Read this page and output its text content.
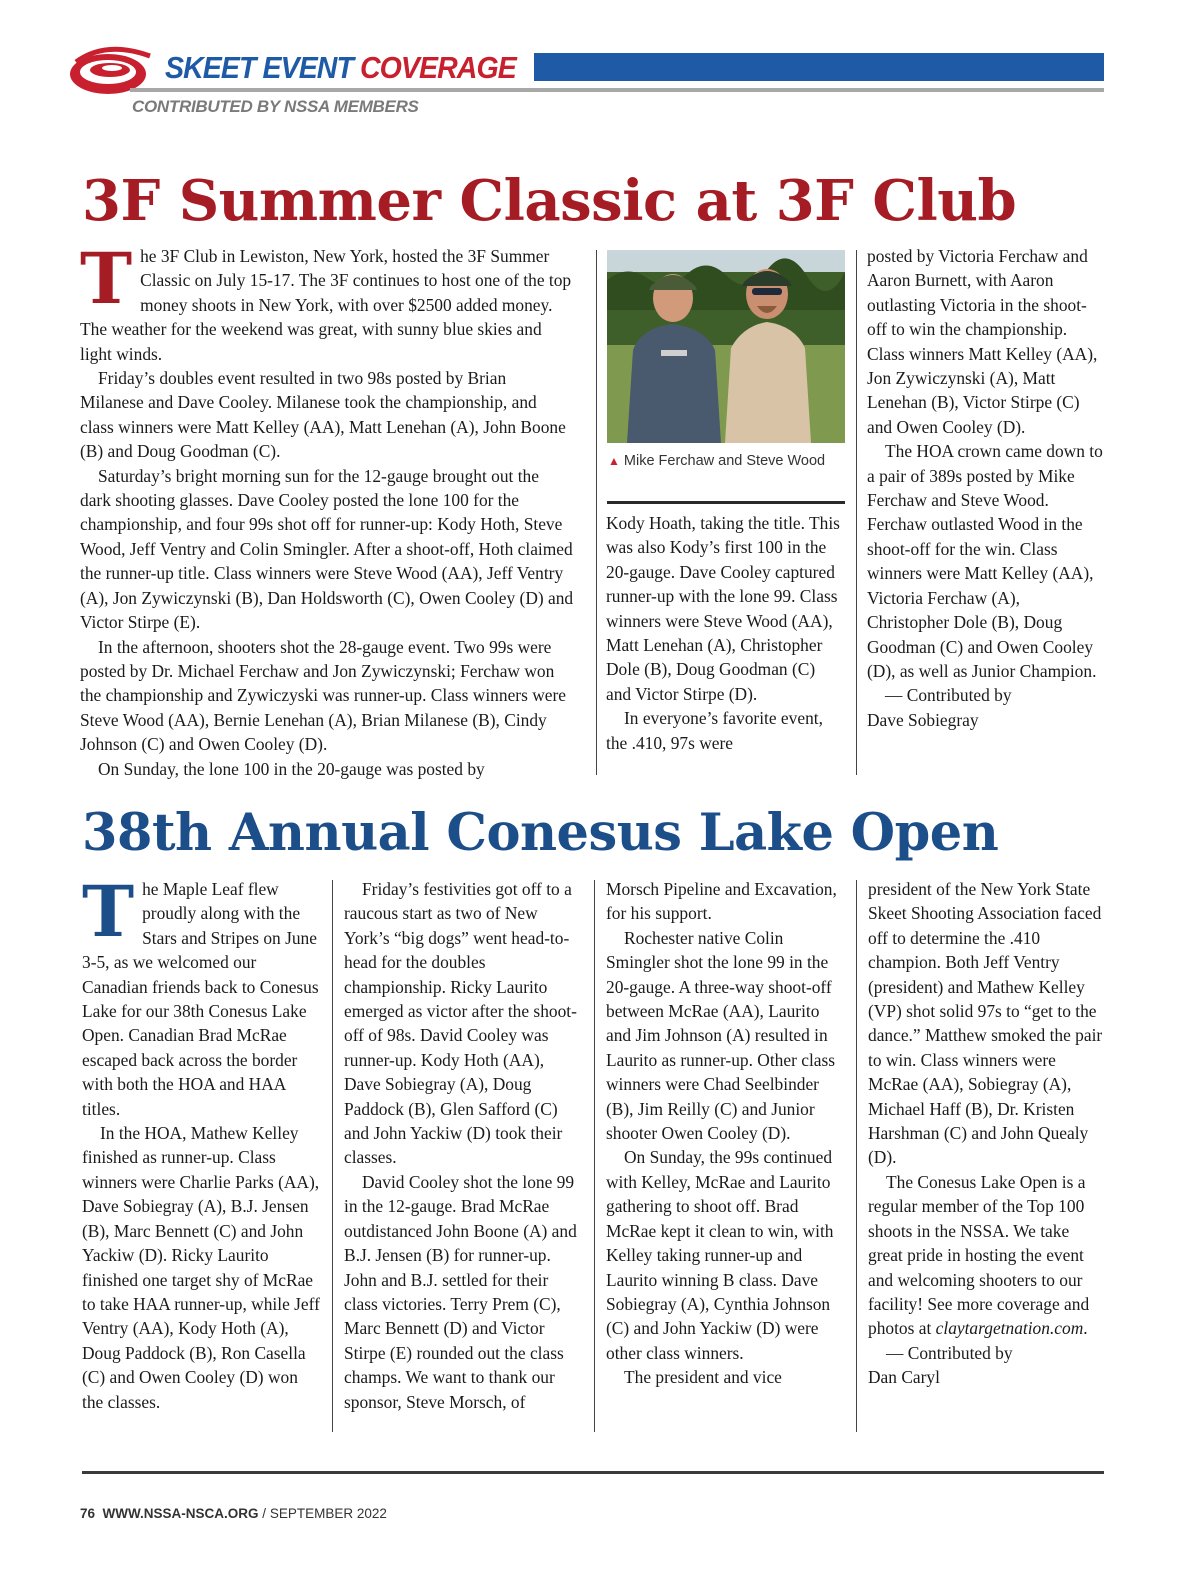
SKEET EVENT COVERAGE
CONTRIBUTED BY NSSA MEMBERS
3F Summer Classic at 3F Club
T he 3F Club in Lewiston, New York, hosted the 3F Summer Classic on July 15-17. The 3F continues to host one of the top money shoots in New York, with over $2500 added money. The weather for the weekend was great, with sunny blue skies and light winds.

Friday’s doubles event resulted in two 98s posted by Brian Milanese and Dave Cooley. Milanese took the championship, and class winners were Matt Kelley (AA), Matt Lenehan (A), John Boone (B) and Doug Goodman (C).

Saturday’s bright morning sun for the 12-gauge brought out the dark shooting glasses. Dave Cooley posted the lone 100 for the championship, and four 99s shot off for runner-up: Kody Hoth, Steve Wood, Jeff Ventry and Colin Smingler. After a shoot-off, Hoth claimed the runner-up title. Class winners were Steve Wood (AA), Jeff Ventry (A), Jon Zywiczynski (B), Dan Holdsworth (C), Owen Cooley (D) and Victor Stirpe (E).

In the afternoon, shooters shot the 28-gauge event. Two 99s were posted by Dr. Michael Ferchaw and Jon Zywiczynski; Ferchaw won the championship and Zywiczyski was runner-up. Class winners were Steve Wood (AA), Bernie Lenehan (A), Brian Milanese (B), Cindy Johnson (C) and Owen Cooley (D).

On Sunday, the lone 100 in the 20-gauge was posted by

▲ Mike Ferchaw and Steve Wood

Kody Hoath, taking the title. This was also Kody’s first 100 in the 20-gauge. Dave Cooley captured runner-up with the lone 99. Class winners were Steve Wood (AA), Matt Lenehan (A), Christopher Dole (B), Doug Goodman (C) and Victor Stirpe (D).

In everyone’s favorite event, the .410, 97s were

posted by Victoria Ferchaw and Aaron Burnett, with Aaron outlasting Victoria in the shoot-off to win the championship. Class winners Matt Kelley (AA), Jon Zywiczynski (A), Matt Lenehan (B), Victor Stirpe (C) and Owen Cooley (D).

The HOA crown came down to a pair of 389s posted by Mike Ferchaw and Steve Wood. Ferchaw outlasted Wood in the shoot-off for the win. Class winners were Matt Kelley (AA), Victoria Ferchaw (A), Christopher Dole (B), Doug Goodman (C) and Owen Cooley (D), as well as Junior Champion.

— Contributed by

Dave Sobiegray

38th Annual Conesus Lake Open
T he Maple Leaf flew proudly along with the Stars and Stripes on June 3-5, as we welcomed our Canadian friends back to Conesus Lake for our 38th Conesus Lake Open. Canadian Brad McRae escaped back across the border with both the HOA and HAA titles.

In the HOA, Mathew Kelley finished as runner-up. Class winners were Charlie Parks (AA), Dave Sobiegray (A), B.J. Jensen (B), Marc Bennett (C) and John Yackiw (D). Ricky Laurito finished one target shy of McRae to take HAA runner-up, while Jeff Ventry (AA), Kody Hoth (A), Doug Paddock (B), Ron Casella (C) and Owen Cooley (D) won the classes.

Friday’s festivities got off to a raucous start as two of New York’s “big dogs” went head-to-head for the doubles championship. Ricky Laurito emerged as victor after the shoot-off of 98s. David Cooley was runner-up. Kody Hoth (AA), Dave Sobiegray (A), Doug Paddock (B), Glen Safford (C) and John Yackiw (D) took their classes.

David Cooley shot the lone 99 in the 12-gauge. Brad McRae outdistanced John Boone (A) and B.J. Jensen (B) for runner-up. John and B.J. settled for their class victories. Terry Prem (C), Marc Bennett (D) and Victor Stirpe (E) rounded out the class champs. We want to thank our sponsor, Steve Morsch, of

Morsch Pipeline and Excavation, for his support.

Rochester native Colin Smingler shot the lone 99 in the 20-gauge. A three-way shoot-off between McRae (AA), Laurito and Jim Johnson (A) resulted in Laurito as runner-up. Other class winners were Chad Seelbinder (B), Jim Reilly (C) and Junior shooter Owen Cooley (D).

On Sunday, the 99s continued with Kelley, McRae and Laurito gathering to shoot off. Brad McRae kept it clean to win, with Kelley taking runner-up and Laurito winning B class. Dave Sobiegray (A), Cynthia Johnson (C) and John Yackiw (D) were other class winners.

The president and vice

president of the New York State Skeet Shooting Association faced off to determine the .410 champion. Both Jeff Ventry (president) and Mathew Kelley (VP) shot solid 97s to “get to the dance.” Matthew smoked the pair to win. Class winners were McRae (AA), Sobiegray (A), Michael Haff (B), Dr. Kristen Harshman (C) and John Quealy (D).

The Conesus Lake Open is a regular member of the Top 100 shoots in the NSSA. We take great pride in hosting the event and welcoming shooters to our facility! See more coverage and photos at claytargetnation.com.

— Contributed by

Dan Caryl

76 WWW.NSSA-NSCA.ORG / SEPTEMBER 2022
